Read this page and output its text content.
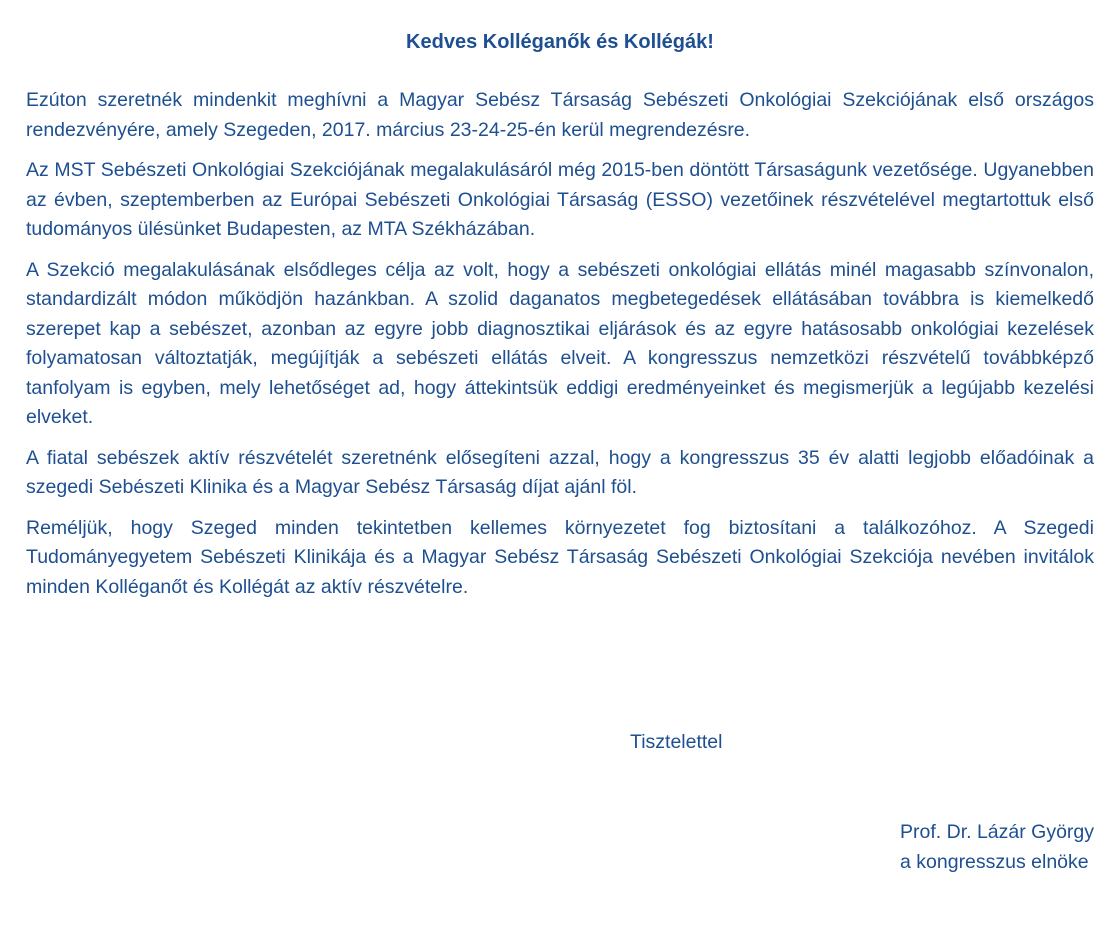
Kedves Kolléganők és Kollégák!

Ezúton szeretnék mindenkit meghívni a Magyar Sebész Társaság Sebészeti Onkológiai Szekciójának első országos rendezvényére, amely Szegeden, 2017. március 23-24-25-én kerül megrendezésre.

Az MST Sebészeti Onkológiai Szekciójának megalakulásáról még 2015-ben döntött Társaságunk vezetősége. Ugyanebben az évben, szeptemberben az Európai Sebészeti Onkológiai Társaság (ESSO) vezetőinek részvételével megtartottuk első tudományos ülésünket Budapesten, az MTA Székházában.

A Szekció megalakulásának elsődleges célja az volt, hogy a sebészeti onkológiai ellátás minél magasabb színvonalon, standardizált módon működjön hazánkban. A szolid daganatos megbetegedések ellátásában továbbra is kiemelkedő szerepet kap a sebészet, azonban az egyre jobb diagnosztikai eljárások és az egyre hatásosabb onkológiai kezelések folyamatosan változtatják, megújítják a sebészeti ellátás elveit. A kongresszus nemzetközi részvételű továbbképző tanfolyam is egyben, mely lehetőséget ad, hogy áttekintsük eddigi eredményeinket és megismerjük a legújabb kezelési elveket.

A fiatal sebészek aktív részvételét szeretnénk elősegíteni azzal, hogy a kongresszus 35 év alatti legjobb előadóinak a szegedi Sebészeti Klinika és a Magyar Sebész Társaság díjat ajánl föl.

Reméljük, hogy Szeged minden tekintetben kellemes környezetet fog biztosítani a találkozóhoz. A Szegedi Tudományegyetem Sebészeti Klinikája és a Magyar Sebész Társaság Sebészeti Onkológiai Szekciója nevében invitálok minden Kolléganőt és Kollégát az aktív részvételre.

Tisztelettel
Prof. Dr. Lázár György
a kongresszus elnöke
